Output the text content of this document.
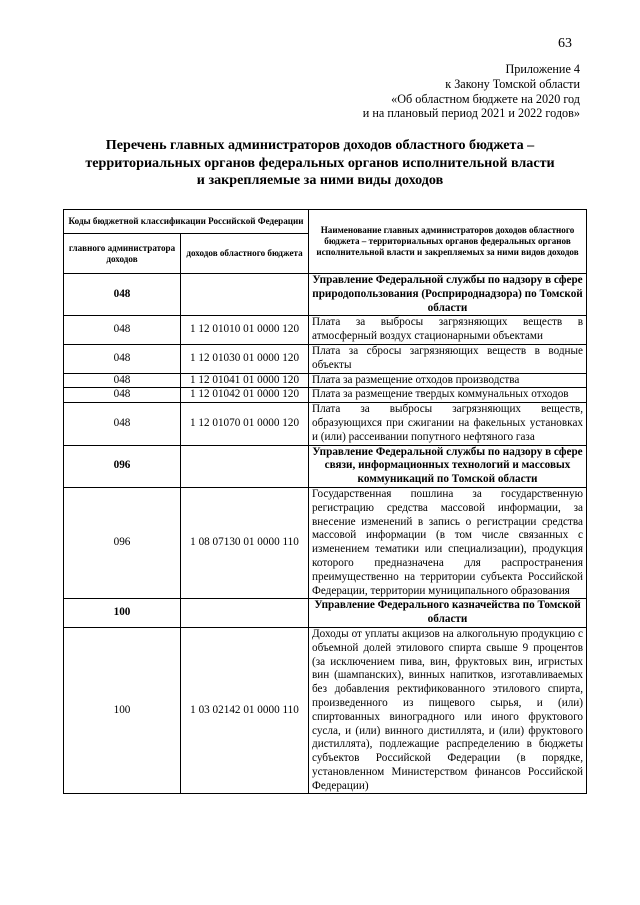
63
Приложение 4
к Закону Томской области
«Об областном бюджете на 2020 год
и на плановый период 2021 и 2022 годов»
Перечень главных администраторов доходов областного бюджета –
территориальных органов федеральных органов исполнительной власти
и закрепляемые за ними виды доходов
Коды бюджетной классификации Российской Федерации		Наименование главных администраторов доходов областного бюджета – территориальных органов федеральных органов исполнительной власти и закрепляемых за ними видов доходов
главного администратора доходов	доходов областного бюджета	
048		Управление Федеральной службы по надзору в сфере природопользования (Росприроднадзора) по Томской области
048	1 12 01010 01 0000 120	Плата за выбросы загрязняющих веществ в атмосферный воздух стационарными объектами
048	1 12 01030 01 0000 120	Плата за сбросы загрязняющих веществ в водные объекты
048	1 12 01041 01 0000 120	Плата за размещение отходов производства
048	1 12 01042 01 0000 120	Плата за размещение твердых коммунальных отходов
048	1 12 01070 01 0000 120	Плата за выбросы загрязняющих веществ, образующихся при сжигании на факельных установках и (или) рассеивании попутного нефтяного газа
096		Управление Федеральной службы по надзору в сфере связи, информационных технологий и массовых коммуникаций по Томской области
096	1 08 07130 01 0000 110	Государственная пошлина за государственную регистрацию средства массовой информации, за внесение изменений в запись о регистрации средства массовой информации (в том числе связанных с изменением тематики или специализации), продукция которого предназначена для распространения преимущественно на территории субъекта Российской Федерации, территории муниципального образования
100		Управление Федерального казначейства по Томской области
100	1 03 02142 01 0000 110	Доходы от уплаты акцизов на алкогольную продукцию с объемной долей этилового спирта свыше 9 процентов (за исключением пива, вин, фруктовых вин, игристых вин (шампанских), винных напитков, изготавливаемых без добавления ректификованного этилового спирта, произведенного из пищевого сырья, и (или) спиртованных виноградного или иного фруктового сусла, и (или) винного дистиллята, и (или) фруктового дистиллята), подлежащие распределению в бюджеты субъектов Российской Федерации (в порядке, установленном Министерством финансов Российской Федерации)
